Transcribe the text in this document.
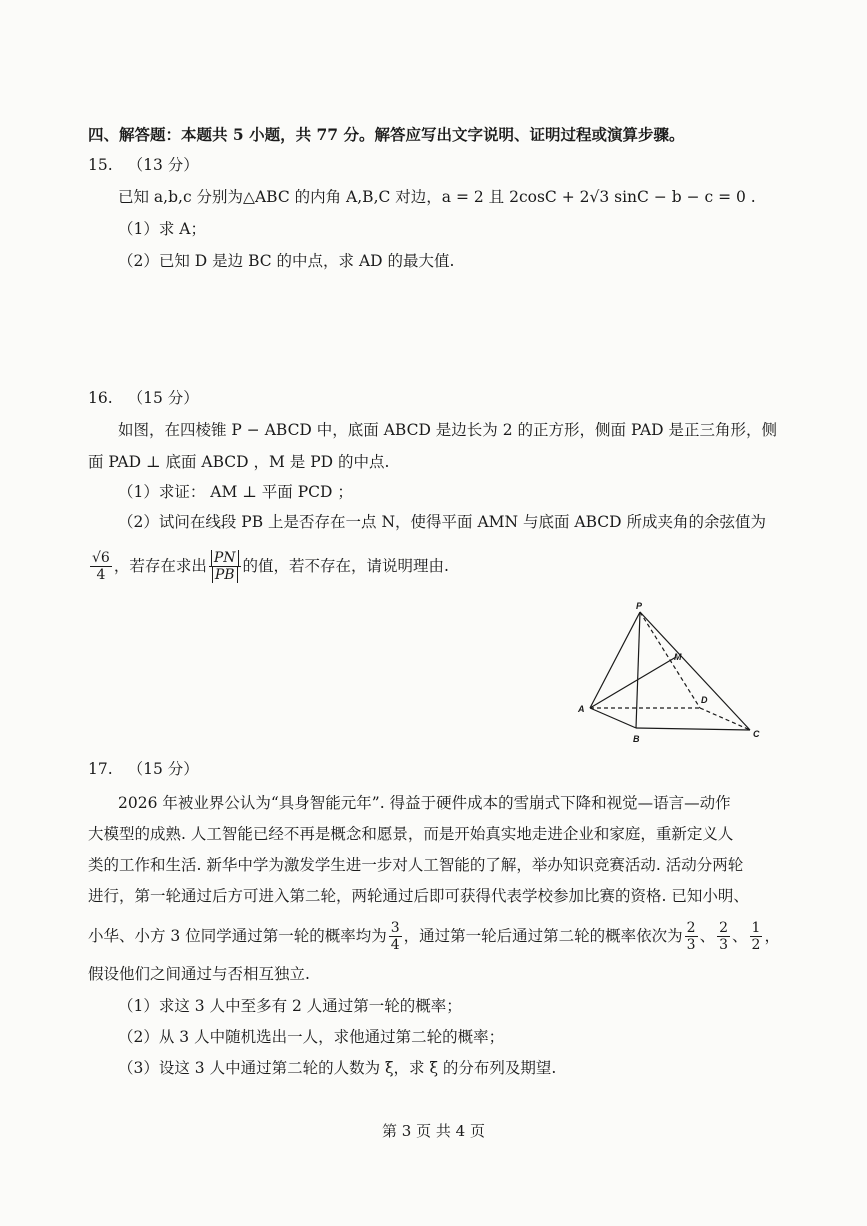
四、解答题：本题共 5 小题，共 77 分。解答应写出文字说明、证明过程或演算步骤。
15. （13 分）
已知 a,b,c 分别为△ABC 的内角 A,B,C 对边，a = 2 且 2cosC + 2√3 sinC − b − c = 0 .
（1）求 A；
（2）已知 D 是边 BC 的中点，求 AD 的最大值.
16. （15 分）
如图，在四棱锥 P − ABCD 中，底面 ABCD 是边长为 2 的正方形，侧面 PAD 是正三角形，侧
面 PAD ⊥ 底面 ABCD ，M 是 PD 的中点.
（1）求证： AM ⊥ 平面 PCD ；
（2）试问在线段 PB 上是否存在一点 N，使得平面 AMN 与底面 ABCD 所成夹角的余弦值为
$\frac{√6}{4}$ ，若存在求出 $\frac{PN}{PB}$ 的值，若不存在，请说明理由.
P
M
D
A
B	C
17. （15 分）
2026 年被业界公认为“具身智能元年”. 得益于硬件成本的雪崩式下降和视觉—语言—动作
大模型的成熟. 人工智能已经不再是概念和愿景，而是开始真实地走进企业和家庭，重新定义人
类的工作和生活. 新华中学为激发学生进一步对人工智能的了解，举办知识竞赛活动. 活动分两轮
进行，第一轮通过后方可进入第二轮，两轮通过后即可获得代表学校参加比赛的资格. 已知小明、
小华、小方 3 位同学通过第一轮的概率均为 $\frac{3}{4}$ ，通过第一轮后通过第二轮的概率依次为 $\frac{2}{3}$ 、 $\frac{2}{3}$ 、 $\frac{1}{2}$ ，
假设他们之间通过与否相互独立.
（1）求这 3 人中至多有 2 人通过第一轮的概率；
（2）从 3 人中随机选出一人，求他通过第二轮的概率；
（3）设这 3 人中通过第二轮的人数为 ξ，求 ξ 的分布列及期望.
第 3 页 共 4 页
